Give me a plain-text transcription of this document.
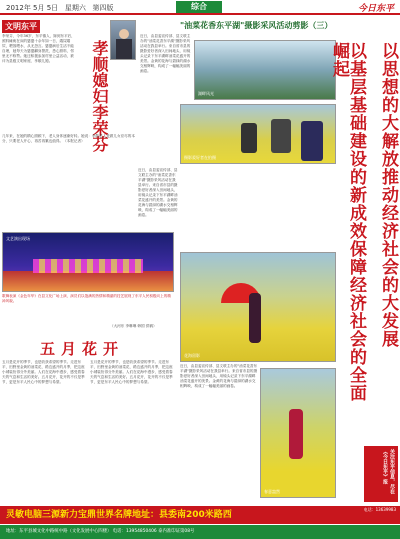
2012年 5月 5日 星期六 第四版	综合	今日东平
文明东平
李荣芬，今年36岁，东平镇人，嫁到东平后，照料瘫痪在床的婆婆十余年如一日，端屎端尿，喂饭喂水，从无怨言。婆婆病后生活不能自理，她每天为婆婆翻身擦洗，悉心照料，邻里无不称赞。她还积极参加村里公益活动，被评为县级文明家庭、孝顺儿媳。	孝顺媳妇李荣芬
几年来，在她的精心照顾下，老人身体逐渐好转。她说：孝敬老人是做儿女应尽的本分，只要老人开心，再苦再累也值得。（本报记者）
文艺演出现场
歌舞表演《金色年华》在县文化广场上演，演员们以饱满的热情和精湛的技艺展现了东平人民积极向上的精神风貌。
五月花开
五月是花开的季节，也是收获希望的季节。走进东平，田野里金黄的油菜花、路边盛开的月季，把这座小城装扮得分外美丽。人们在花海中漫步，感受着春天的气息和生活的美好。五月花开，花开的不仅是季节，更是东平人民心中的梦想与希望。
五月是花开的季节，也是收获希望的季节。走进东平，田野里金黄的油菜花、路边盛开的月季，把这座小城装扮得分外美丽。人们在花海中漫步，感受着春天的气息和生活的美好。五月花开，花开的不仅是季节，更是东平人民心中的梦想与希望。
（大河东 李琳琳 韩国 供稿）
"油菜花香东平湖"摄影采风活动剪影（三）
近日，由县委宣传部、县文联主办的"油菜花香东平湖"摄影采风活动在我县举行。来自省市县的摄影爱好者深入田间地头，用镜头记录下东平湖畔油菜花盛开的美景。金黄的花海与碧绿的湖水交相辉映，构成了一幅幅美丽的画卷。
湖畔风光
摄影爱好者在拍摄
近日，由县委宣传部、县文联主办的"油菜花香东平湖"摄影采风活动在我县举行。来自省市县的摄影爱好者深入田间地头，用镜头记录下东平湖畔油菜花盛开的美景。金黄的花海与碧绿的湖水交相辉映，构成了一幅幅美丽的画卷。
花海留影
近日，由县委宣传部、县文联主办的"油菜花香东平湖"摄影采风活动在我县举行。来自省市县的摄影爱好者深入田间地头，用镜头记录下东平湖畔油菜花盛开的美景。金黄的花海与碧绿的湖水交相辉映，构成了一幅幅美丽的画卷。
春意盎然
以思想的大解放推动经济社会的大发展
以基层基础建设的新成效保障经济社会的全面崛起
关注东平信息，尽在《今日东平》报
灵敏电脑三源新力宝鼎世界名牌地址：县委南200米路西
电话：13639983
地址：东平县城文化中路统中路（文化发展中心四楼） 电话：13954850406 泰内准印证第08号
